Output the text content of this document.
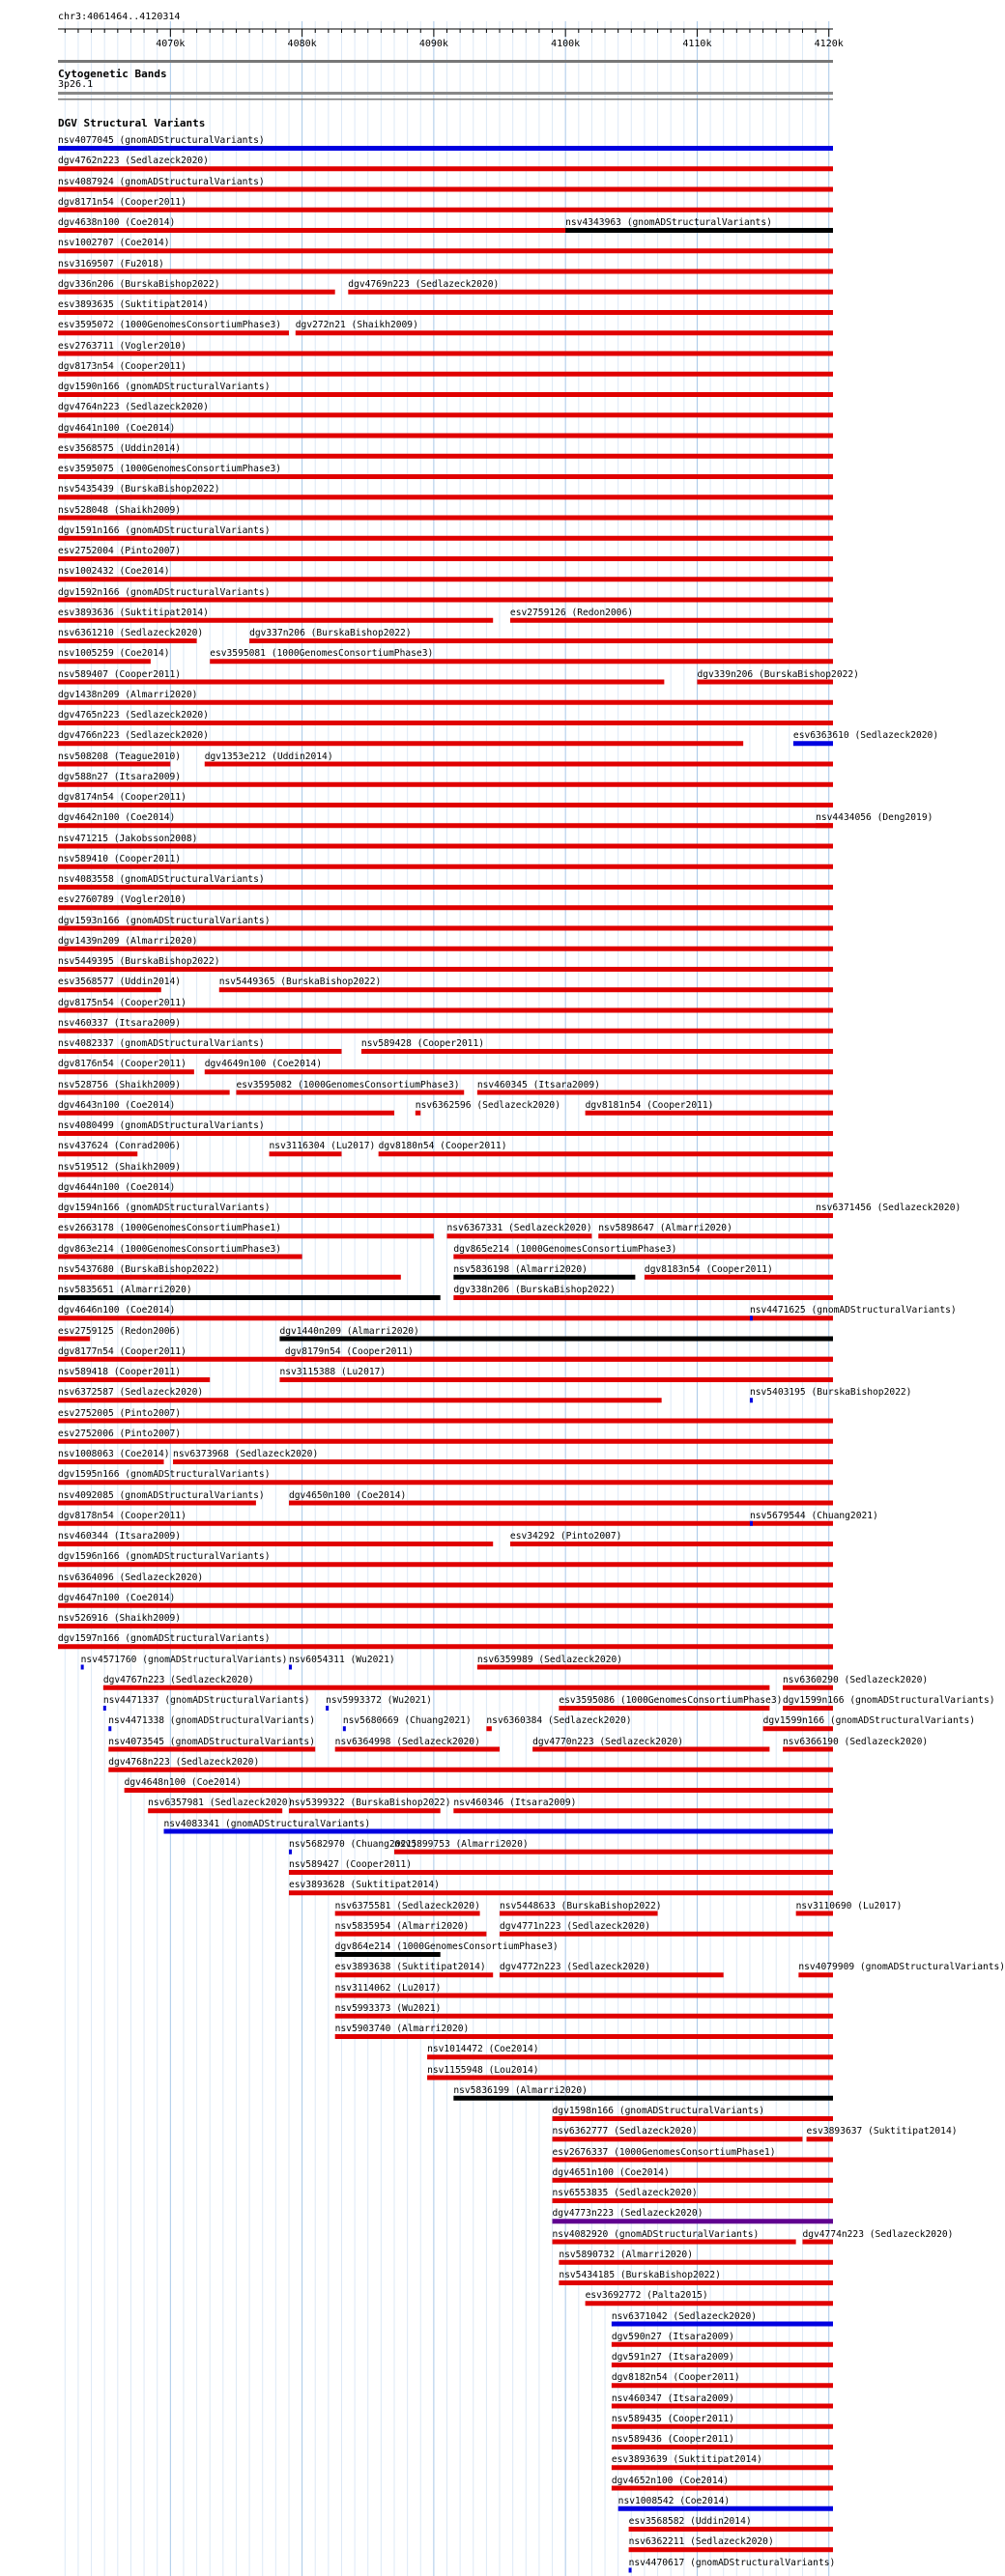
chr3:4061464..4120314
4070k	4080k	4090k	4100k	4110k	4120k
Cytogenetic Bands
3p26.1
DGV Structural Variants
nsv4077045 (gnomADStructuralVariants)
dgv4762n223 (Sedlazeck2020)
nsv4087924 (gnomADStructuralVariants)
dgv8171n54 (Cooper2011)
dgv4638n100 (Coe2014)	nsv4343963 (gnomADStructuralVariants)
nsv1002707 (Coe2014)
nsv3169507 (Fu2018)
dgv336n206 (BurskaBishop2022)	dgv4769n223 (Sedlazeck2020)
esv3893635 (Suktitipat2014)
esv3595072 (1000GenomesConsortiumPhase3) dgv272n21 (Shaikh2009)
esv2763711 (Vogler2010)
dgv8173n54 (Cooper2011)
dgv1590n166 (gnomADStructuralVariants)
dgv4764n223 (Sedlazeck2020)
dgv4641n100 (Coe2014)
esv3568575 (Uddin2014)
esv3595075 (1000GenomesConsortiumPhase3)
nsv5435439 (BurskaBishop2022)
nsv528048 (Shaikh2009)
dgv1591n166 (gnomADStructuralVariants)
esv2752004 (Pinto2007)
nsv1002432 (Coe2014)
dgv1592n166 (gnomADStructuralVariants)
esv3893636 (Suktitipat2014)	esv2759126 (Redon2006)
nsv6361210 (Sedlazeck2020)	dgv337n206 (BurskaBishop2022)
nsv1005259 (Coe2014)	esv3595081 (1000GenomesConsortiumPhase3)
nsv589407 (Cooper2011)	dgv339n206 (BurskaBishop2022)
dgv1438n209 (Almarri2020)
dgv4765n223 (Sedlazeck2020)
dgv4766n223 (Sedlazeck2020)	esv6363610 (Sedlazeck2020)
nsv508208 (Teague2010)	dgv1353e212 (Uddin2014)
dgv588n27 (Itsara2009)
dgv8174n54 (Cooper2011)
dgv4642n100 (Coe2014)	nsv4434056 (Deng2019)
nsv471215 (Jakobsson2008)
nsv589410 (Cooper2011)
nsv4083558 (gnomADStructuralVariants)
esv2760789 (Vogler2010)
dgv1593n166 (gnomADStructuralVariants)
dgv1439n209 (Almarri2020)
nsv5449395 (BurskaBishop2022)
esv3568577 (Uddin2014)	nsv5449365 (BurskaBishop2022)
dgv8175n54 (Cooper2011)
nsv460337 (Itsara2009)
nsv4082337 (gnomADStructuralVariants)	nsv589428 (Cooper2011)
dgv8176n54 (Cooper2011) dgv4649n100 (Coe2014)
nsv528756 (Shaikh2009)	esv3595082 (1000GenomesConsortiumPhase3) nsv460345 (Itsara2009)
dgv4643n100 (Coe2014)	nsv6362596 (Sedlazeck2020)	dgv8181n54 (Cooper2011)
nsv4080499 (gnomADStructuralVariants)
nsv437624 (Conrad2006)	nsv3116304 (Lu2017) dgv8180n54 (Cooper2011)
nsv519512 (Shaikh2009)
dgv4644n100 (Coe2014)
dgv1594n166 (gnomADStructuralVariants)	nsv6371456 (Sedlazeck2020)
esv2663178 (1000GenomesConsortiumPhase1)	nsv6367331 (Sedlazeck2020) nsv5898647 (Almarri2020)
dgv863e214 (1000GenomesConsortiumPhase3)	dgv865e214 (1000GenomesConsortiumPhase3)
nsv5437680 (BurskaBishop2022)	nsv5836198 (Almarri2020)	dgv8183n54 (Cooper2011)
nsv5835651 (Almarri2020)	dgv338n206 (BurskaBishop2022)
dgv4646n100 (Coe2014)	nsv4471625 (gnomADStructuralVariants)
esv2759125 (Redon2006)	dgv1440n209 (Almarri2020)
dgv8177n54 (Cooper2011)	dgv8179n54 (Cooper2011)
nsv589418 (Cooper2011)	nsv3115388 (Lu2017)
nsv6372587 (Sedlazeck2020)	nsv5403195 (BurskaBishop2022)
esv2752005 (Pinto2007)
esv2752006 (Pinto2007)
nsv1008063 (Coe2014) nsv6373968 (Sedlazeck2020)
dgv1595n166 (gnomADStructuralVariants)
nsv4092085 (gnomADStructuralVariants)	dgv4650n100 (Coe2014)
dgv8178n54 (Cooper2011)	nsv5679544 (Chuang2021)
nsv460344 (Itsara2009)	esv34292 (Pinto2007)
dgv1596n166 (gnomADStructuralVariants)
nsv6364096 (Sedlazeck2020)
dgv4647n100 (Coe2014)
nsv526916 (Shaikh2009)
dgv1597n166 (gnomADStructuralVariants)
nsv4571760 (gnomADStructuralVariants) nsv6054311 (Wu2021)	nsv6359989 (Sedlazeck2020)
dgv4767n223 (Sedlazeck2020)	nsv6360290 (Sedlazeck2020)
nsv4471337 (gnomADStructuralVariants) nsv5993372 (Wu2021)	esv3595086 (1000GenomesConsortiumPhase3) dgv1599n166 (gnomADStructuralVariants)
nsv4471338 (gnomADStructuralVariants)	nsv5680669 (Chuang2021) nsv6360384 (Sedlazeck2020)	dgv1599n166 (gnomADStructuralVariants)
nsv4073545 (gnomADStructuralVariants) nsv6364998 (Sedlazeck2020)	dgv4770n223 (Sedlazeck2020)	nsv6366190 (Sedlazeck2020)
dgv4768n223 (Sedlazeck2020)
dgv4648n100 (Coe2014)
nsv6357981 (Sedlazeck2020)
nsv5399322 (BurskaBishop2022) nsv460346 (Itsara2009)
nsv4083341 (gnomADStructuralVariants)
nsv5682970 (Chuang2021)
nsv5899753 (Almarri2020)
nsv589427 (Cooper2011)
esv3893628 (Suktitipat2014)
nsv6375581 (Sedlazeck2020) nsv5448633 (BurskaBishop2022)	nsv3110690 (Lu2017)
nsv5835954 (Almarri2020)	dgv4771n223 (Sedlazeck2020)
dgv864e214 (1000GenomesConsortiumPhase3)
esv3893638 (Suktitipat2014) dgv4772n223 (Sedlazeck2020)	nsv4079909 (gnomADStructuralVariants)
nsv3114062 (Lu2017)
nsv5993373 (Wu2021)
nsv5903740 (Almarri2020)
nsv1014472 (Coe2014)
nsv1155948 (Lou2014)
nsv5836199 (Almarri2020)
dgv1598n166 (gnomADStructuralVariants)
nsv6362777 (Sedlazeck2020)	esv3893637 (Suktitipat2014)
esv2676337 (1000GenomesConsortiumPhase1)
dgv4651n100 (Coe2014)
nsv6553835 (Sedlazeck2020)
dgv4773n223 (Sedlazeck2020)
nsv4082920 (gnomADStructuralVariants)	dgv4774n223 (Sedlazeck2020)
nsv5890732 (Almarri2020)
nsv5434185 (BurskaBishop2022)
esv3692772 (Palta2015)
nsv6371042 (Sedlazeck2020)
dgv590n27 (Itsara2009)
dgv591n27 (Itsara2009)
dgv8182n54 (Cooper2011)
nsv460347 (Itsara2009)
nsv589435 (Cooper2011)
nsv589436 (Cooper2011)
esv3893639 (Suktitipat2014)
dgv4652n100 (Coe2014)
nsv1008542 (Coe2014)
esv3568582 (Uddin2014)
nsv6362211 (Sedlazeck2020)
nsv4470617 (gnomADStructuralVariants)
